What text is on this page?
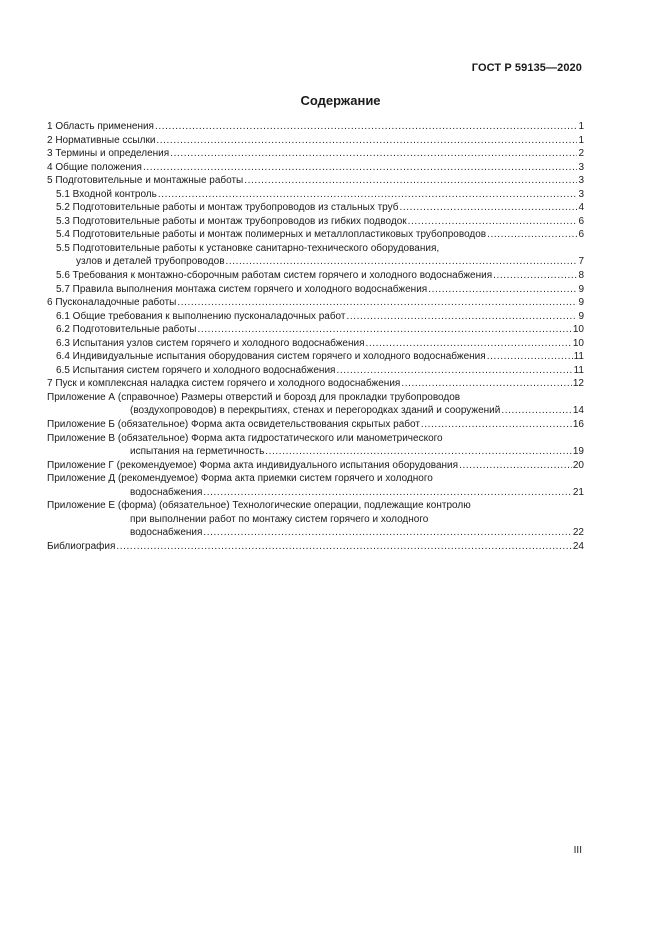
ГОСТ Р 59135—2020
Содержание
1 Область применения .....	1
2 Нормативные ссылки .....	1
3 Термины и определения .....	2
4 Общие положения .....	3
5 Подготовительные и монтажные работы .....	3
5.1 Входной контроль .....	3
5.2 Подготовительные работы и монтаж трубопроводов из стальных труб .....	4
5.3 Подготовительные работы и монтаж трубопроводов из гибких подводок .....	6
5.4 Подготовительные работы и монтаж полимерных и металлопластиковых трубопроводов .....	6
5.5 Подготовительные работы к установке санитарно-технического оборудования,
узлов и деталей трубопроводов .....	7
5.6 Требования к монтажно-сборочным работам систем горячего и холодного водоснабжения .....	8
5.7 Правила выполнения монтажа систем горячего и холодного водоснабжения .....	9
6 Пусконаладочные работы .....	9
6.1 Общие требования к выполнению пусконаладочных работ .....	9
6.2 Подготовительные работы .....	10
6.3 Испытания узлов систем горячего и холодного водоснабжения .....	10
6.4 Индивидуальные испытания оборудования систем горячего и холодного водоснабжения .....	11
6.5 Испытания систем горячего и холодного водоснабжения .....	11
7 Пуск и комплексная наладка систем горячего и холодного водоснабжения .....	12
Приложение А (справочное) Размеры отверстий и борозд для прокладки трубопроводов
(воздухопроводов) в перекрытиях, стенах и перегородках зданий и сооружений .....	14
Приложение Б (обязательное) Форма акта освидетельствования скрытых работ .....	16
Приложение В (обязательное) Форма акта гидростатического или манометрического
испытания на герметичность .....	19
Приложение Г (рекомендуемое) Форма акта индивидуального испытания оборудования .....	20
Приложение Д (рекомендуемое) Форма акта приемки систем горячего и холодного
водоснабжения .....	21
Приложение Е (форма) (обязательное) Технологические операции, подлежащие контролю
при выполнении работ по монтажу систем горячего и холодного
водоснабжения .....	22
Библиография .....	24
III
